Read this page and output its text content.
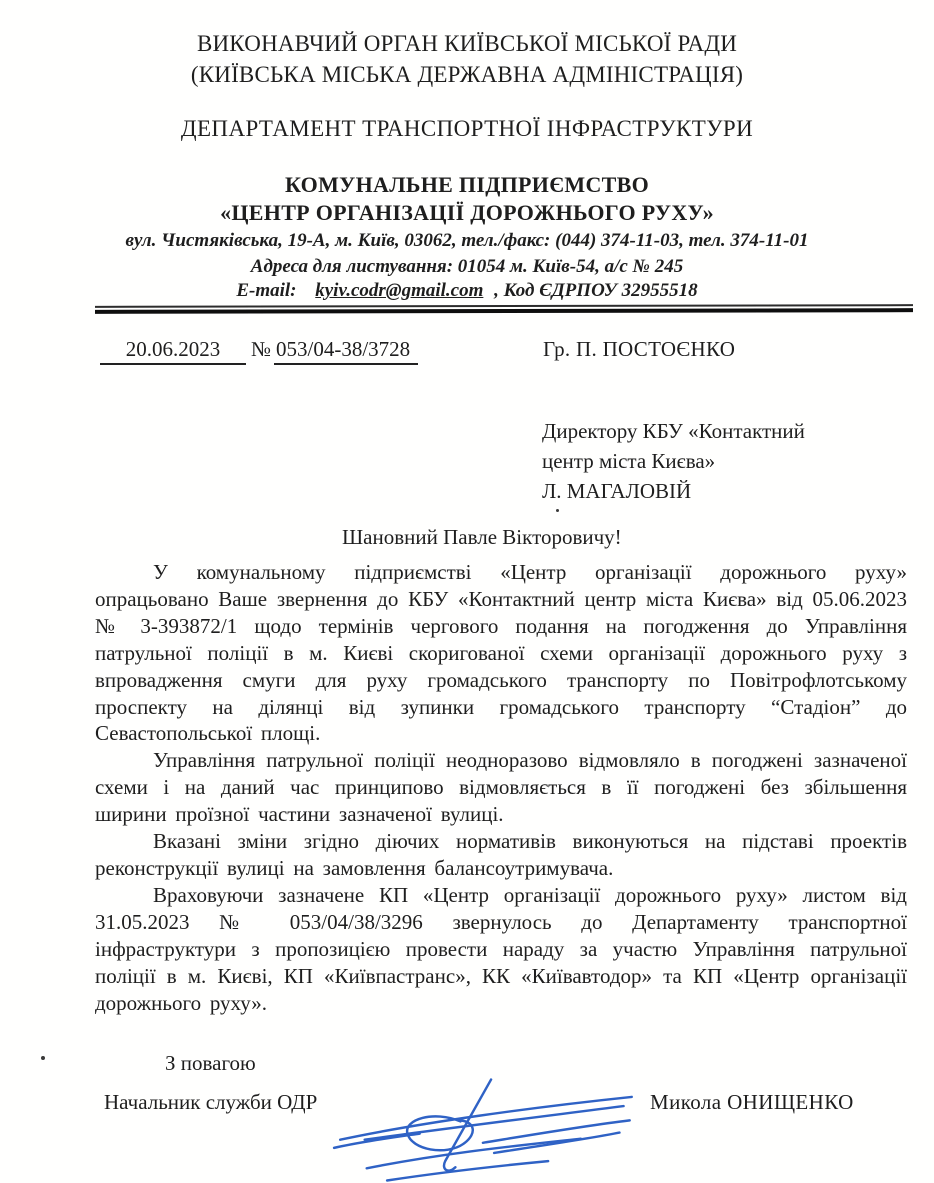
ВИКОНАВЧИЙ ОРГАН КИЇВСЬКОЇ МІСЬКОЇ РАДИ
(КИЇВСЬКА МІСЬКА ДЕРЖАВНА АДМІНІСТРАЦІЯ)
ДЕПАРТАМЕНТ ТРАНСПОРТНОЇ ІНФРАСТРУКТУРИ
КОМУНАЛЬНЕ ПІДПРИЄМСТВО
«ЦЕНТР ОРГАНІЗАЦІЇ ДОРОЖНЬОГО РУХУ»
вул. Чистяківська, 19-А, м. Київ, 03062, тел./факс: (044) 374-11-03, тел. 374-11-01
Адреса для листування: 01054 м. Київ-54, а/с № 245
E-mail: kyiv.codr@gmail.com , Код ЄДРПОУ 32955518
20.06.2023	№ 053/04-38/3728	Гр. П. ПОСТОЄНКО
Директору КБУ «Контактний
центр міста Києва»
Л. МАГАЛОВІЙ
Шановний Павле Вікторовичу!

У комунальному підприємстві «Центр організації дорожнього руху» опрацьовано Ваше звернення до КБУ «Контактний центр міста Києва» від 05.06.2023 № 3-393872/1 щодо термінів чергового подання на погодження до Управління патрульної поліції в м. Києві скоригованої схеми організації дорожнього руху з впровадження смуги для руху громадського транспорту по Повітрофлотському проспекту на ділянці від зупинки громадського транспорту “Стадіон” до Севастопольської площі.

Управління патрульної поліції неодноразово відмовляло в погоджені зазначеної схеми і на даний час принципово відмовляється в її погоджені без збільшення ширини проїзної частини зазначеної вулиці.

Вказані зміни згідно діючих нормативів виконуються на підставі проектів реконструкції вулиці на замовлення балансоутримувача.

Враховуючи зазначене КП «Центр організації дорожнього руху» листом від 31.05.2023 № 053/04/38/3296 звернулось до Департаменту транспортної інфраструктури з пропозицією провести нараду за участю Управління патрульної поліції в м. Києві, КП «Київпастранс», КК «Київавтодор» та КП «Центр організації дорожнього руху».

З повагою
Начальник служби ОДР	Микола ОНИЩЕНКО
